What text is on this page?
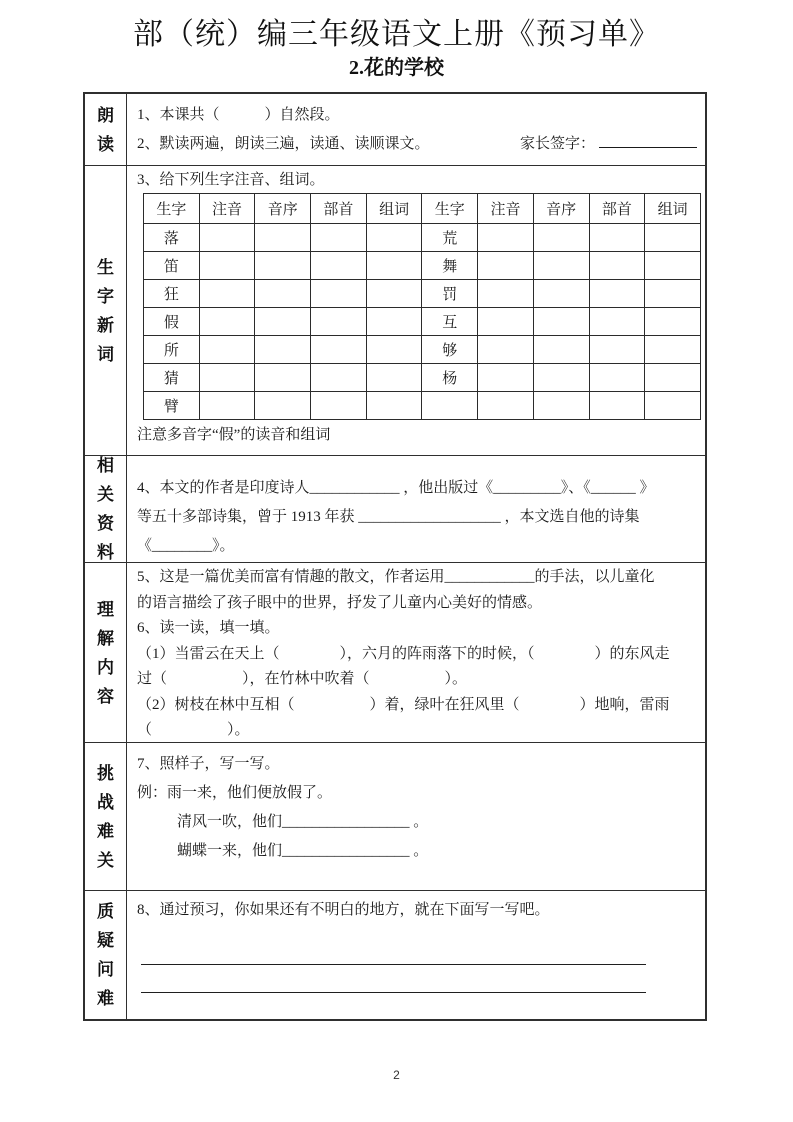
部（统）编三年级语文上册《预习单》
2.花的学校
朗读
1、本课共（　　　）自然段。
2、默读两遍，朗读三遍，读通、读顺课文。	家长签字：
生字新词
3、给下列生字注音、组词。
生字	注音	音序	部首	组词	生字	注音	音序	部首	组词
落					荒				
笛					舞				
狂					罚				
假					互				
所					够				
猜					杨				
臂									
注意多音字“假”的读音和组词
相关资料
4、本文的作者是印度诗人____________ ，他出版过《_________》、《______ 》
等五十多部诗集，曾于 1913 年获 ___________________ ，本文选自他的诗集
《________》。
理解内容
5、这是一篇优美而富有情趣的散文，作者运用____________的手法，以儿童化
的语言描绘了孩子眼中的世界，抒发了儿童内心美好的情感。
6、读一读，填一填。
（1）当雷云在天上（　　　　），六月的阵雨落下的时候，（　　　　）的东风走
过（　　　　　），在竹林中吹着（　　　　　）。
（2）树枝在林中互相（　　　　　）着，绿叶在狂风里（　　　　）地响，雷雨
（　　　　　）。
挑战难关
7、照样子，写一写。
例：雨一来，他们便放假了。
清风一吹，他们_________________ 。
蝴蝶一来，他们_________________ 。
质疑问难
8、通过预习，你如果还有不明白的地方，就在下面写一写吧。
2
